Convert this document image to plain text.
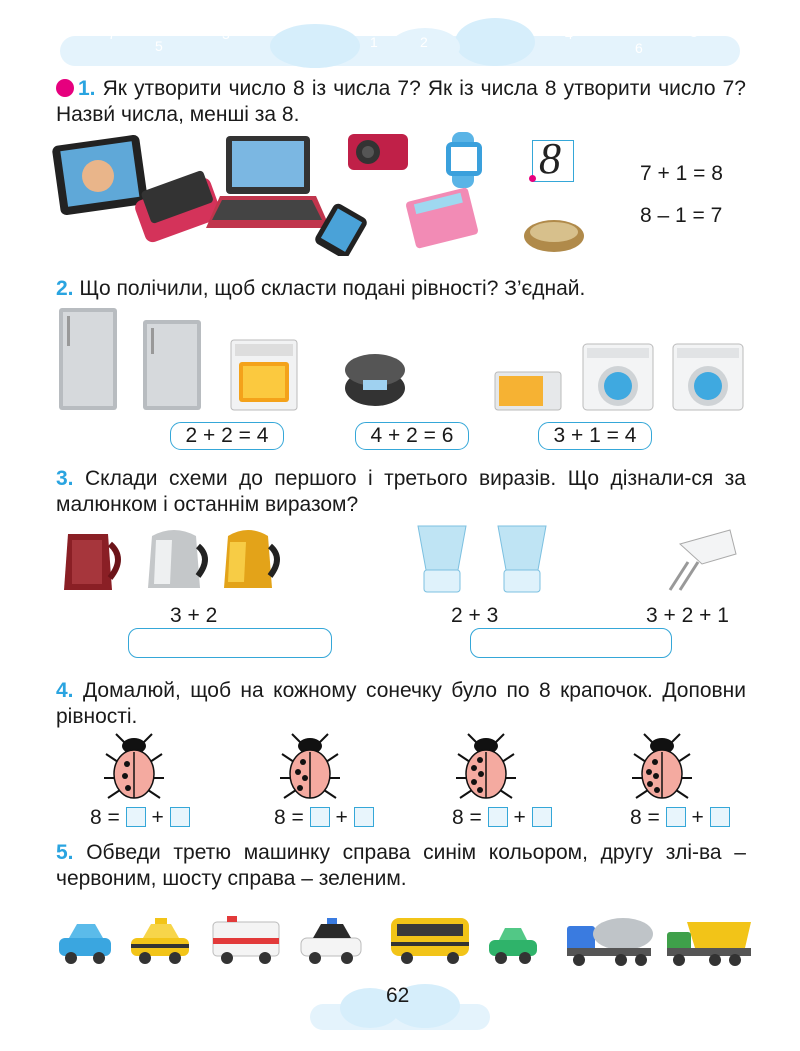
7
5
3	1
0
2	4
6
8
1. Як утворити число 8 із числа 7? Як із числа 8 утворити число 7? Назви́ числа, менші за 8.
8	7 + 1 = 8
8 – 1 = 7
2. Що полічили, щоб скласти подані рівності? З’єднай.
2 + 2 = 4	4 + 2 = 6	3 + 1 = 4
3. Склади схеми до першого і третього виразів. Що дізнали-ся за малюнком і останнім виразом?
3 + 2	2 + 3	3 + 2 + 1
4. Домалюй, щоб на кожному сонечку було по 8 крапочок. Доповни рівності.
8 = +	8 = +	8 = +	8 = +
5. Обведи третю машинку справа синім кольором, другу злі-ва – червоним, шосту справа – зеленим.
62
